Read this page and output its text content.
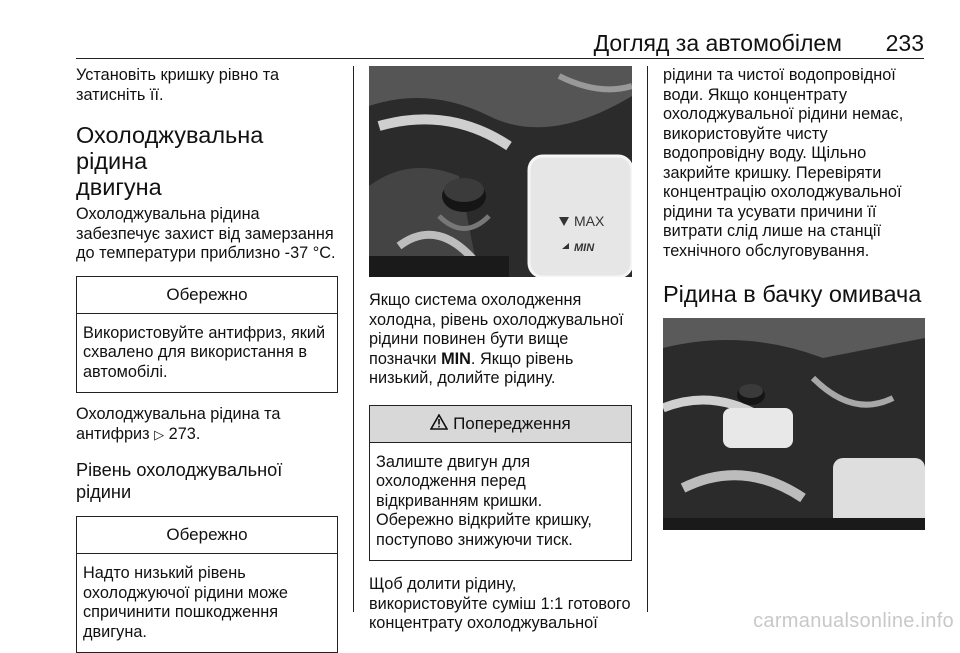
Догляд за автомобілем	233

Установіть кришку рівно та
затисніть її.

Охолоджувальна рідина
двигуна

Охолоджувальна рідина
забезпечує захист від замерзання
до температури приблизно -37 °C.

Обережно
Використовуйте антифриз, який
схвалено для використання в
автомобілі.

Охолоджувальна рідина та
антифриз ▷ 273.

Рівень охолоджувальної рідини
Обережно
Надто низький рівень
охолоджуючої рідини може
спричинити пошкодження
двигуна.
MAX
MIN

Якщо система охолодження
холодна, рівень охолоджувальної
рідини повинен бути вище
позначки MIN. Якщо рівень
низький, долийте рідину.

Попередження
Залиште двигун для
охолодження перед
відкриванням кришки.
Обережно відкрийте кришку,
поступово знижуючи тиск.

Щоб долити рідину,
використовуйте суміш 1:1 готового
концентрату охолоджувальної

рідини та чистої водопровідної
води. Якщо концентрату
охолоджувальної рідини немає,
використовуйте чисту
водопровідну воду. Щільно
закрийте кришку. Перевіряти
концентрацію охолоджувальної
рідини та усувати причини її
витрати слід лише на станції
технічного обслуговування.

Рідина в бачку омивача
carmanualsonline.info
